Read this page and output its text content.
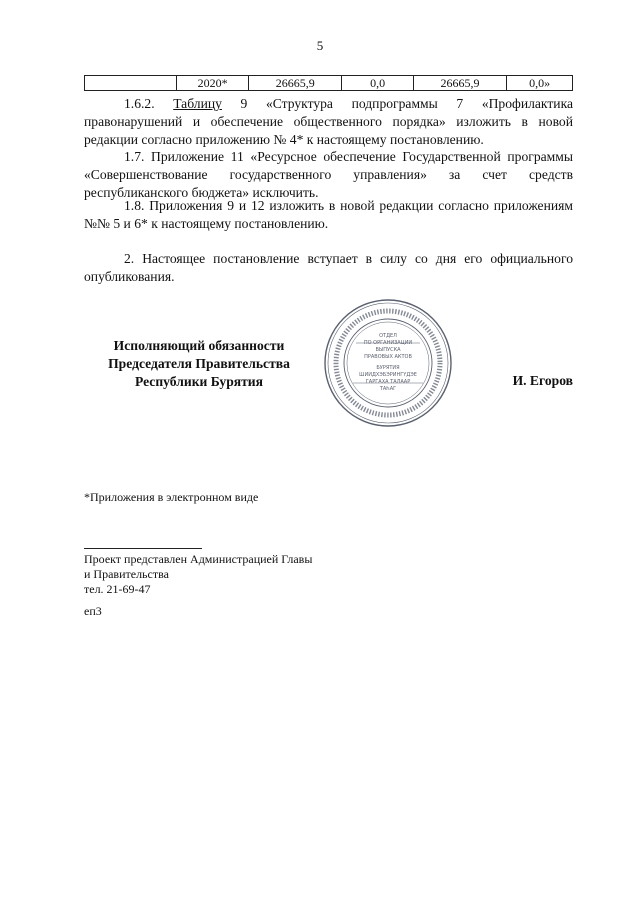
5
	2020*	26665,9	0,0	26665,9	0,0»
1.6.2. Таблицу 9 «Структура подпрограммы 7 «Профилактика правонарушений и обеспечение общественного порядка» изложить в новой редакции согласно приложению № 4* к настоящему постановлению.
1.7. Приложение 11 «Ресурсное обеспечение Государственной программы «Совершенствование государственного управления» за счет средств республиканского бюджета» исключить.
1.8. Приложения 9 и 12 изложить в новой редакции согласно приложениям №№ 5 и 6* к настоящему постановлению.
2. Настоящее постановление вступает в силу со дня его официального опубликования.
Исполняющий обязанности
Председателя Правительства
Республики Бурятия
ОТДЕЛ
ПО ОРГАНИЗАЦИИ
ВЫПУСКА
ПРАВОВЫХ АКТОВ
БУРЯТИЯ
ШИИДХЭБЭРИНГҮДЭЕ
ГАРГАХА ТАЛААР
ТАҺАГ
И. Егоров
*Приложения в электронном виде
Проект представлен Администрацией Главы
и Правительства
тел. 21-69-47
еп3
